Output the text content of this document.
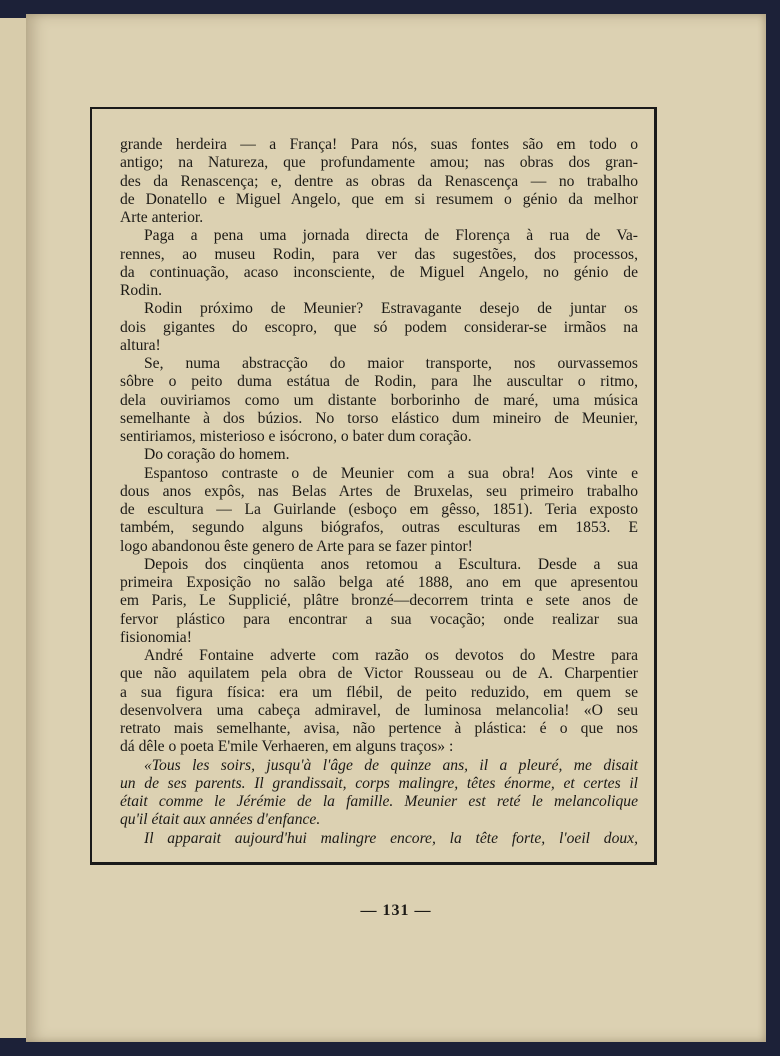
grande herdeira — a França! Para nós, suas fontes são em todo o
antigo; na Natureza, que profundamente amou; nas obras dos gran-
des da Renascença; e, dentre as obras da Renascença — no trabalho
de Donatello e Miguel Angelo, que em si resumem o génio da melhor
Arte anterior.
Paga a pena uma jornada directa de Florença à rua de Va-
rennes, ao museu Rodin, para ver das sugestões, dos processos,
da continuação, acaso inconsciente, de Miguel Angelo, no génio de
Rodin.
Rodin próximo de Meunier? Estravagante desejo de juntar os
dois gigantes do escopro, que só podem considerar-se irmãos na
altura!
Se, numa abstracção do maior transporte, nos ourvassemos
sôbre o peito duma estátua de Rodin, para lhe auscultar o ritmo,
dela ouviriamos como um distante borborinho de maré, uma música
semelhante à dos búzios. No torso elástico dum mineiro de Meunier,
sentiriamos, misterioso e isócrono, o bater dum coração.
Do coração do homem.
Espantoso contraste o de Meunier com a sua obra! Aos vinte e
dous anos expôs, nas Belas Artes de Bruxelas, seu primeiro trabalho
de escultura — La Guirlande (esboço em gêsso, 1851). Teria exposto
também, segundo alguns biógrafos, outras esculturas em 1853. E
logo abandonou êste genero de Arte para se fazer pintor!
Depois dos cinqüenta anos retomou a Escultura. Desde a sua
primeira Exposição no salão belga até 1888, ano em que apresentou
em Paris, Le Supplicié, plâtre bronzé—decorrem trinta e sete anos de
fervor plástico para encontrar a sua vocação; onde realizar sua
fisionomia!
André Fontaine adverte com razão os devotos do Mestre para
que não aquilatem pela obra de Victor Rousseau ou de A. Charpentier
a sua figura física: era um flébil, de peito reduzido, em quem se
desenvolvera uma cabeça admiravel, de luminosa melancolia! «O seu
retrato mais semelhante, avisa, não pertence à plástica: é o que nos
dá dêle o poeta E'mile Verhaeren, em alguns traços» :
«Tous les soirs, jusqu'à l'âge de quinze ans, il a pleuré, me disait
un de ses parents. Il grandissait, corps malingre, têtes énorme, et certes il
était comme le Jérémie de la famille. Meunier est reté le melancolique
qu'il était aux années d'enfance.
Il apparait aujourd'hui malingre encore, la tête forte, l'oeil doux,
— 131 —
